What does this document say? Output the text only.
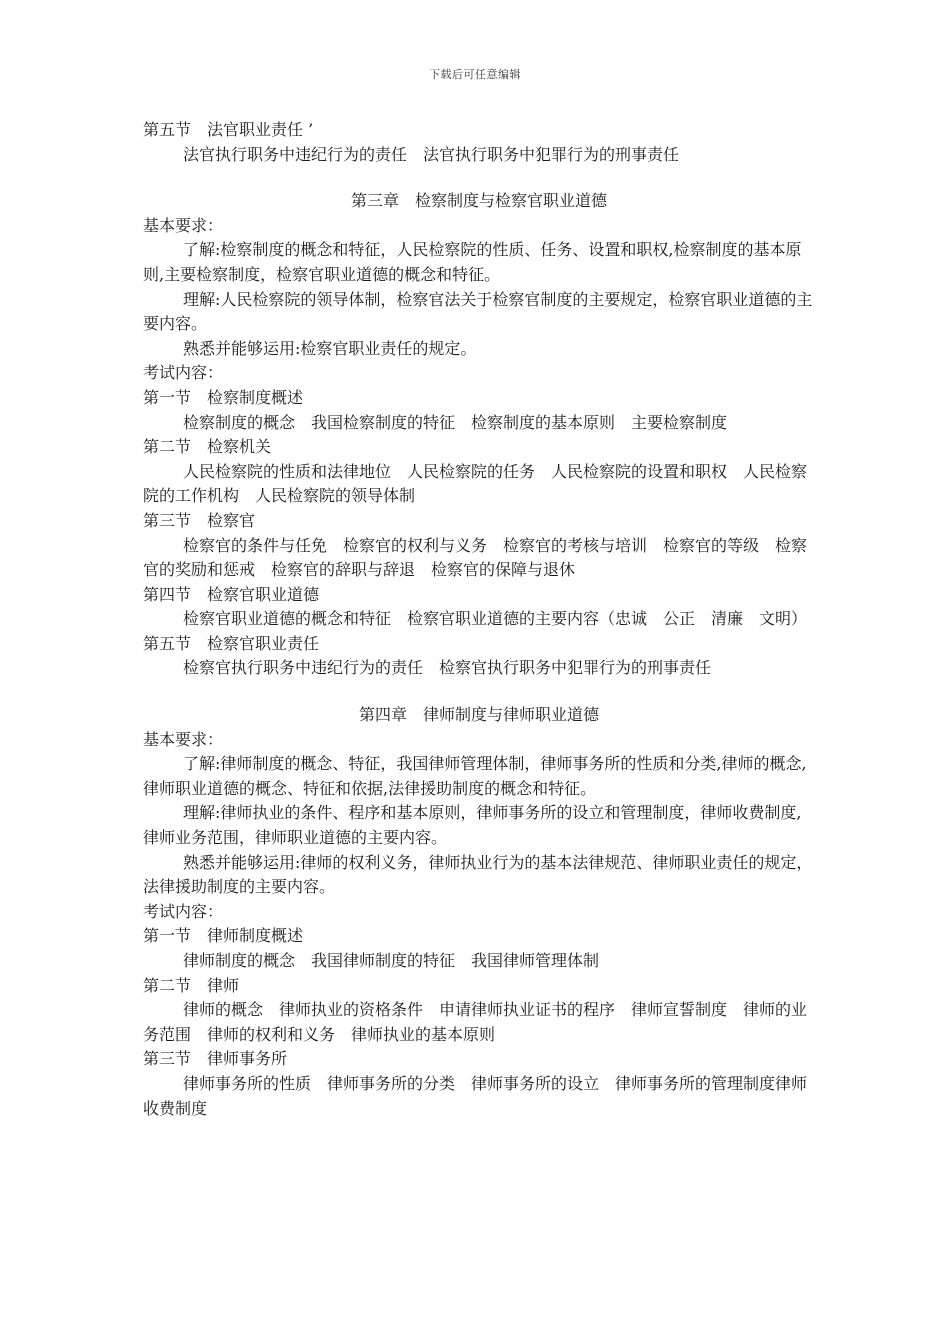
下载后可任意编辑
第五节　法官职业责任 ’
法官执行职务中违纪行为的责任　法官执行职务中犯罪行为的刑事责任
第三章　检察制度与检察官职业道德
基本要求：
了解:检察制度的概念和特征，人民检察院的性质、任务、设置和职权,检察制度的基本原则,主要检察制度，检察官职业道德的概念和特征。
理解:人民检察院的领导体制，检察官法关于检察官制度的主要规定，检察官职业道德的主要内容。
熟悉并能够运用:检察官职业责任的规定。
考试内容：
第一节　检察制度概述
检察制度的概念　我国检察制度的特征　检察制度的基本原则　主要检察制度
第二节　检察机关
人民检察院的性质和法律地位　人民检察院的任务　人民检察院的设置和职权　人民检察院的工作机构　人民检察院的领导体制
第三节　检察官
检察官的条件与任免　检察官的权利与义务　检察官的考核与培训　检察官的等级　检察官的奖励和惩戒　检察官的辞职与辞退　检察官的保障与退休
第四节　检察官职业道德
检察官职业道德的概念和特征　检察官职业道德的主要内容（忠诚　公正　清廉　文明）
第五节　检察官职业责任
检察官执行职务中违纪行为的责任　检察官执行职务中犯罪行为的刑事责任
第四章　律师制度与律师职业道德
基本要求：
了解:律师制度的概念、特征，我国律师管理体制，律师事务所的性质和分类,律师的概念,律师职业道德的概念、特征和依据,法律援助制度的概念和特征。
理解:律师执业的条件、程序和基本原则，律师事务所的设立和管理制度，律师收费制度,律师业务范围，律师职业道德的主要内容。
熟悉并能够运用:律师的权利义务，律师执业行为的基本法律规范、律师职业责任的规定，法律援助制度的主要内容。
考试内容：
第一节　律师制度概述
律师制度的概念　我国律师制度的特征　我国律师管理体制
第二节　律师
律师的概念　律师执业的资格条件　申请律师执业证书的程序　律师宣誓制度　律师的业务范围　律师的权利和义务　律师执业的基本原则
第三节　律师事务所
律师事务所的性质　律师事务所的分类　律师事务所的设立　律师事务所的管理制度律师收费制度
